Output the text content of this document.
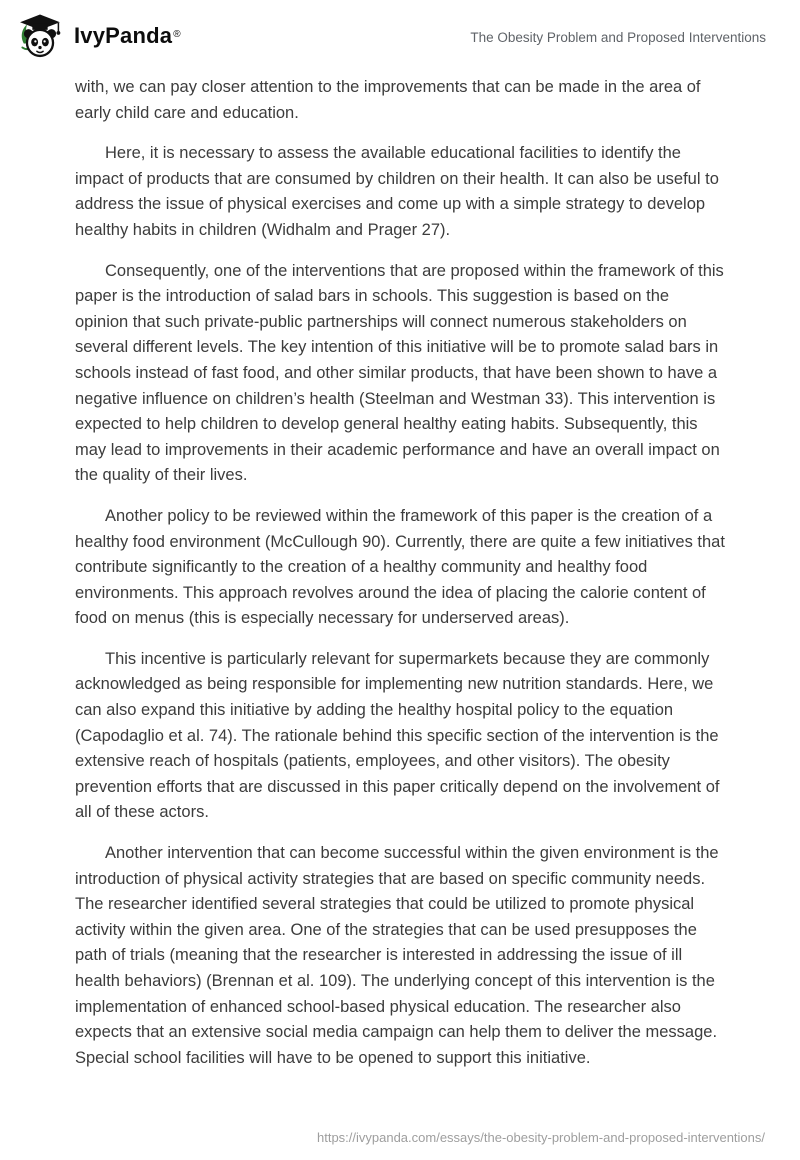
IvyPanda®	The Obesity Problem and Proposed Interventions

with, we can pay closer attention to the improvements that can be made in the area of early child care and education.

Here, it is necessary to assess the available educational facilities to identify the impact of products that are consumed by children on their health. It can also be useful to address the issue of physical exercises and come up with a simple strategy to develop healthy habits in children (Widhalm and Prager 27).

Consequently, one of the interventions that are proposed within the framework of this paper is the introduction of salad bars in schools. This suggestion is based on the opinion that such private-public partnerships will connect numerous stakeholders on several different levels. The key intention of this initiative will be to promote salad bars in schools instead of fast food, and other similar products, that have been shown to have a negative influence on children’s health (Steelman and Westman 33). This intervention is expected to help children to develop general healthy eating habits. Subsequently, this may lead to improvements in their academic performance and have an overall impact on the quality of their lives.

Another policy to be reviewed within the framework of this paper is the creation of a healthy food environment (McCullough 90). Currently, there are quite a few initiatives that contribute significantly to the creation of a healthy community and healthy food environments. This approach revolves around the idea of placing the calorie content of food on menus (this is especially necessary for underserved areas).

This incentive is particularly relevant for supermarkets because they are commonly acknowledged as being responsible for implementing new nutrition standards. Here, we can also expand this initiative by adding the healthy hospital policy to the equation (Capodaglio et al. 74). The rationale behind this specific section of the intervention is the extensive reach of hospitals (patients, employees, and other visitors). The obesity prevention efforts that are discussed in this paper critically depend on the involvement of all of these actors.

Another intervention that can become successful within the given environment is the introduction of physical activity strategies that are based on specific community needs. The researcher identified several strategies that could be utilized to promote physical activity within the given area. One of the strategies that can be used presupposes the path of trials (meaning that the researcher is interested in addressing the issue of ill health behaviors) (Brennan et al. 109). The underlying concept of this intervention is the implementation of enhanced school-based physical education. The researcher also expects that an extensive social media campaign can help them to deliver the message. Special school facilities will have to be opened to support this initiative.

https://ivypanda.com/essays/the-obesity-problem-and-proposed-interventions/
